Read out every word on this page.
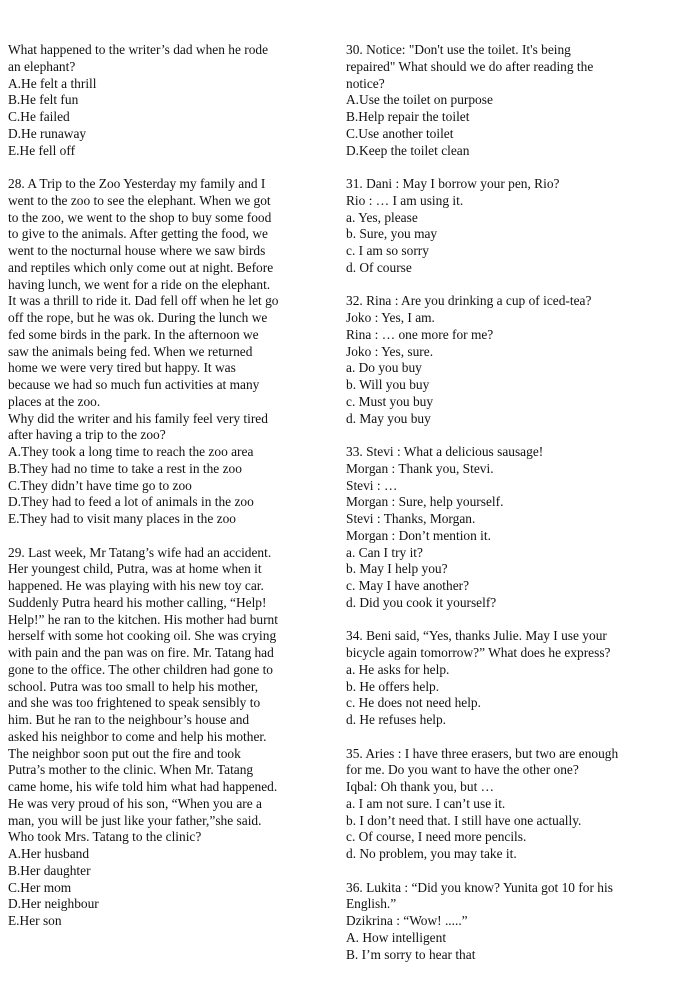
What happened to the writer’s dad when he rode
an elephant?
A.He felt a thrill
B.He felt fun
C.He failed
D.He runaway
E.He fell off
28. A Trip to the Zoo Yesterday my family and I
went to the zoo to see the elephant. When we got
to the zoo, we went to the shop to buy some food
to give to the animals. After getting the food, we
went to the nocturnal house where we saw birds
and reptiles which only come out at night. Before
having lunch, we went for a ride on the elephant.
It was a thrill to ride it. Dad fell off when he let go
off the rope, but he was ok. During the lunch we
fed some birds in the park. In the afternoon we
saw the animals being fed. When we returned
home we were very tired but happy. It was
because we had so much fun activities at many
places at the zoo.
Why did the writer and his family feel very tired
after having a trip to the zoo?
A.They took a long time to reach the zoo area
B.They had no time to take a rest in the zoo
C.They didn’t have time go to zoo
D.They had to feed a lot of animals in the zoo
E.They had to visit many places in the zoo
29. Last week, Mr Tatang’s wife had an accident.
Her youngest child, Putra, was at home when it
happened. He was playing with his new toy car.
Suddenly Putra heard his mother calling, “Help!
Help!” he ran to the kitchen. His mother had burnt
herself with some hot cooking oil. She was crying
with pain and the pan was on fire. Mr. Tatang had
gone to the office. The other children had gone to
school. Putra was too small to help his mother,
and she was too frightened to speak sensibly to
him. But he ran to the neighbour’s house and
asked his neighbor to come and help his mother.
The neighbor soon put out the fire and took
Putra’s mother to the clinic. When Mr. Tatang
came home, his wife told him what had happened.
He was very proud of his son, “When you are a
man, you will be just like your father,”she said.
Who took Mrs. Tatang to the clinic?
A.Her husband
B.Her daughter
C.Her mom
D.Her neighbour
E.Her son
30. Notice: "Don't use the toilet. It's being
repaired" What should we do after reading the
notice?
A.Use the toilet on purpose
B.Help repair the toilet
C.Use another toilet
D.Keep the toilet clean
31. Dani : May I borrow your pen, Rio?
Rio : … I am using it.
a. Yes, please
b. Sure, you may
c. I am so sorry
d. Of course
32. Rina : Are you drinking a cup of iced-tea?
Joko : Yes, I am.
Rina : … one more for me?
Joko : Yes, sure.
a. Do you buy
b. Will you buy
c. Must you buy
d. May you buy
33. Stevi : What a delicious sausage!
Morgan : Thank you, Stevi.
Stevi : …
Morgan : Sure, help yourself.
Stevi : Thanks, Morgan.
Morgan : Don’t mention it.
a. Can I try it?
b. May I help you?
c. May I have another?
d. Did you cook it yourself?
34. Beni said, “Yes, thanks Julie. May I use your
bicycle again tomorrow?” What does he express?
a. He asks for help.
b. He offers help.
c. He does not need help.
d. He refuses help.
35. Aries : I have three erasers, but two are enough
for me. Do you want to have the other one?
Iqbal: Oh thank you, but …
a. I am not sure. I can’t use it.
b. I don’t need that. I still have one actually.
c. Of course, I need more pencils.
d. No problem, you may take it.
36. Lukita : “Did you know? Yunita got 10 for his
English.”
Dzikrina : “Wow! .....”
A. How intelligent
B. I’m sorry to hear that
